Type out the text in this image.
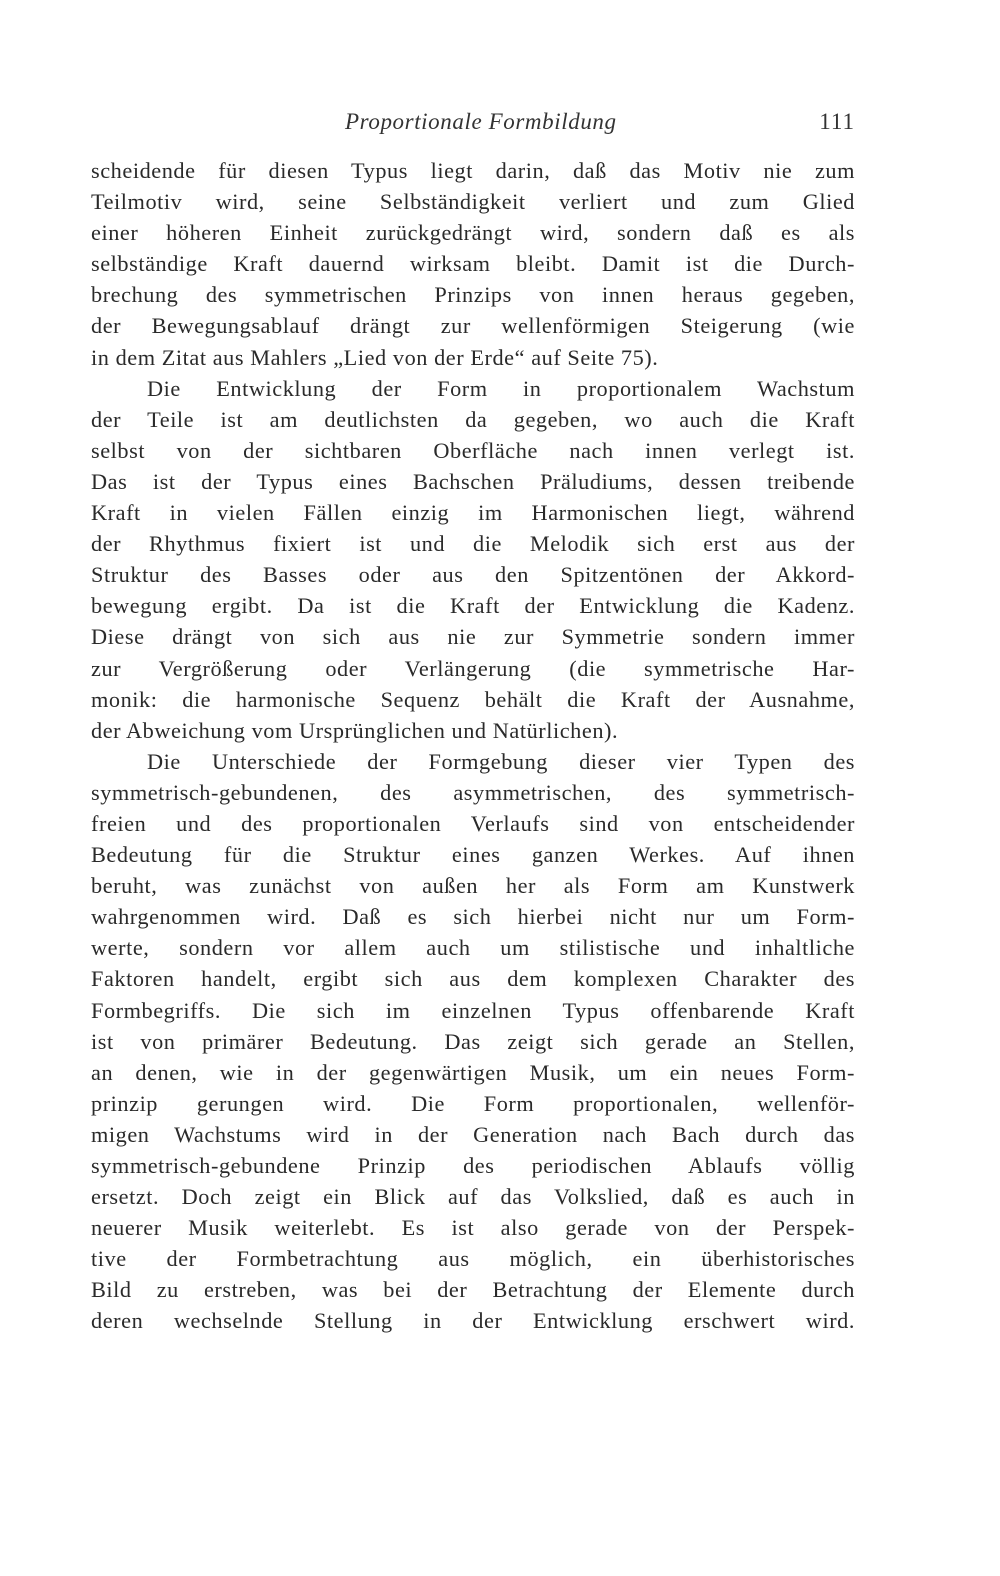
Proportionale Formbildung	111
scheidende für diesen Typus liegt darin, daß das Motiv nie zum
Teilmotiv wird, seine Selbständigkeit verliert und zum Glied
einer höheren Einheit zurückgedrängt wird, sondern daß es als
selbständige Kraft dauernd wirksam bleibt. Damit ist die Durch-
brechung des symmetrischen Prinzips von innen heraus gegeben,
der Bewegungsablauf drängt zur wellenförmigen Steigerung (wie
in dem Zitat aus Mahlers „Lied von der Erde“ auf Seite 75).
Die Entwicklung der Form in proportionalem Wachstum
der Teile ist am deutlichsten da gegeben, wo auch die Kraft
selbst von der sichtbaren Oberfläche nach innen verlegt ist.
Das ist der Typus eines Bachschen Präludiums, dessen treibende
Kraft in vielen Fällen einzig im Harmonischen liegt, während
der Rhythmus fixiert ist und die Melodik sich erst aus der
Struktur des Basses oder aus den Spitzentönen der Akkord-
bewegung ergibt. Da ist die Kraft der Entwicklung die Kadenz.
Diese drängt von sich aus nie zur Symmetrie sondern immer
zur Vergrößerung oder Verlängerung (die symmetrische Har-
monik: die harmonische Sequenz behält die Kraft der Ausnahme,
der Abweichung vom Ursprünglichen und Natürlichen).
Die Unterschiede der Formgebung dieser vier Typen des
symmetrisch-gebundenen, des asymmetrischen, des symmetrisch-
freien und des proportionalen Verlaufs sind von entscheidender
Bedeutung für die Struktur eines ganzen Werkes. Auf ihnen
beruht, was zunächst von außen her als Form am Kunstwerk
wahrgenommen wird. Daß es sich hierbei nicht nur um Form-
werte, sondern vor allem auch um stilistische und inhaltliche
Faktoren handelt, ergibt sich aus dem komplexen Charakter des
Formbegriffs. Die sich im einzelnen Typus offenbarende Kraft
ist von primärer Bedeutung. Das zeigt sich gerade an Stellen,
an denen, wie in der gegenwärtigen Musik, um ein neues Form-
prinzip gerungen wird. Die Form proportionalen, wellenför-
migen Wachstums wird in der Generation nach Bach durch das
symmetrisch-gebundene Prinzip des periodischen Ablaufs völlig
ersetzt. Doch zeigt ein Blick auf das Volkslied, daß es auch in
neuerer Musik weiterlebt. Es ist also gerade von der Perspek-
tive der Formbetrachtung aus möglich, ein überhistorisches
Bild zu erstreben, was bei der Betrachtung der Elemente durch
deren wechselnde Stellung in der Entwicklung erschwert wird.
